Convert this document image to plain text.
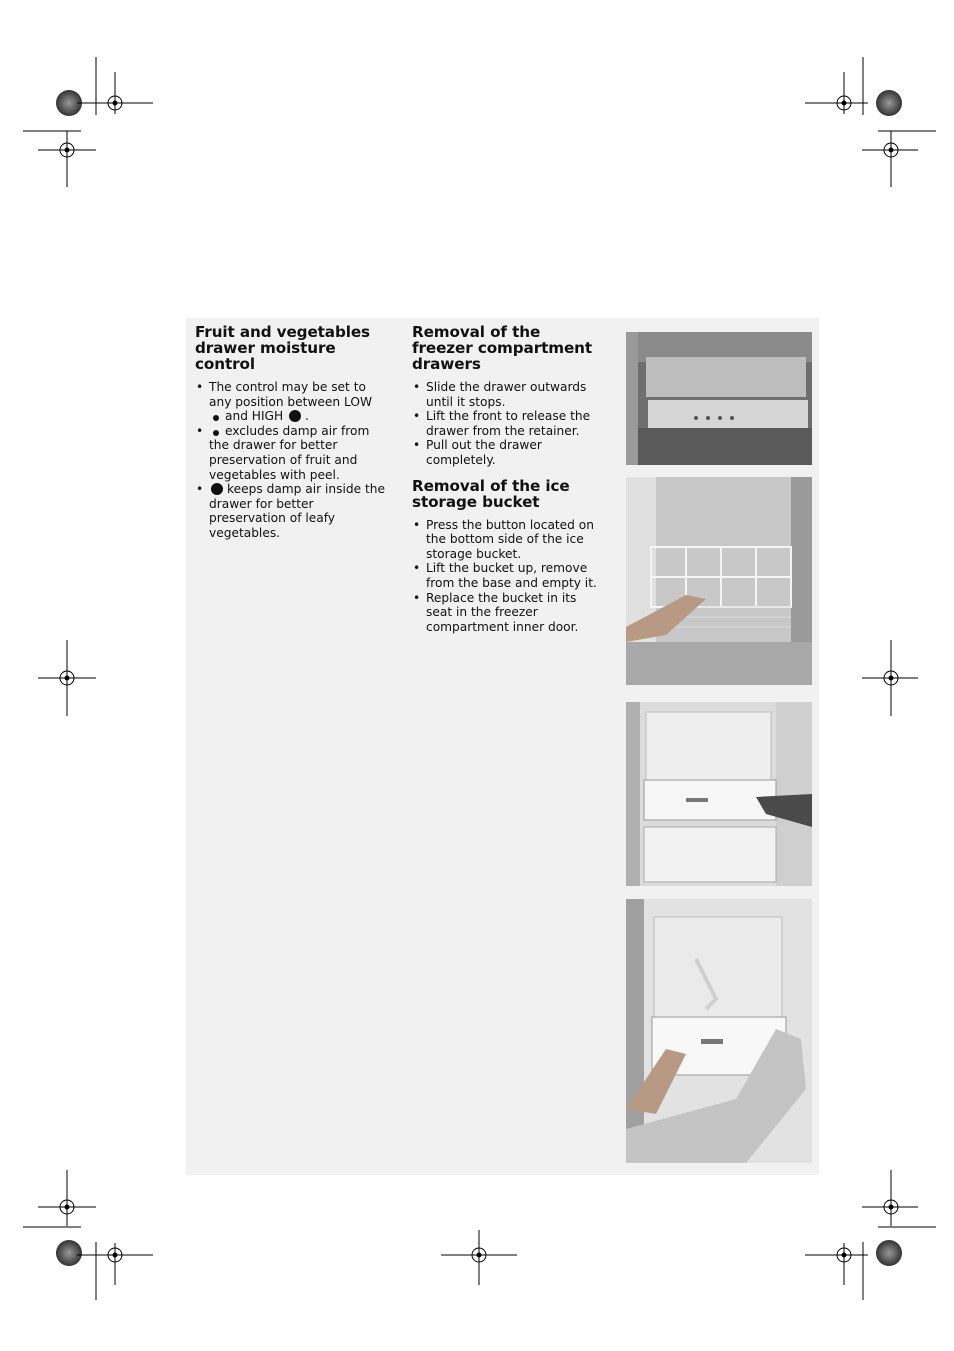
Fruit and vegetables drawer moisture control
• The control may be set to any position between LOW
and HIGH .
• excludes damp air from the drawer for better preservation of fruit and vegetables with peel.
• keeps damp air inside the drawer for better preservation of leafy vegetables.
Removal of the freezer compartment drawers
• Slide the drawer outwards until it stops.
• Lift the front to release the drawer from the retainer.
• Pull out the drawer completely.
Removal of the ice storage bucket
• Press the button located on the bottom side of the ice storage bucket.
• Lift the bucket up, remove from the base and empty it.
• Replace the bucket in its seat in the freezer compartment inner door.
